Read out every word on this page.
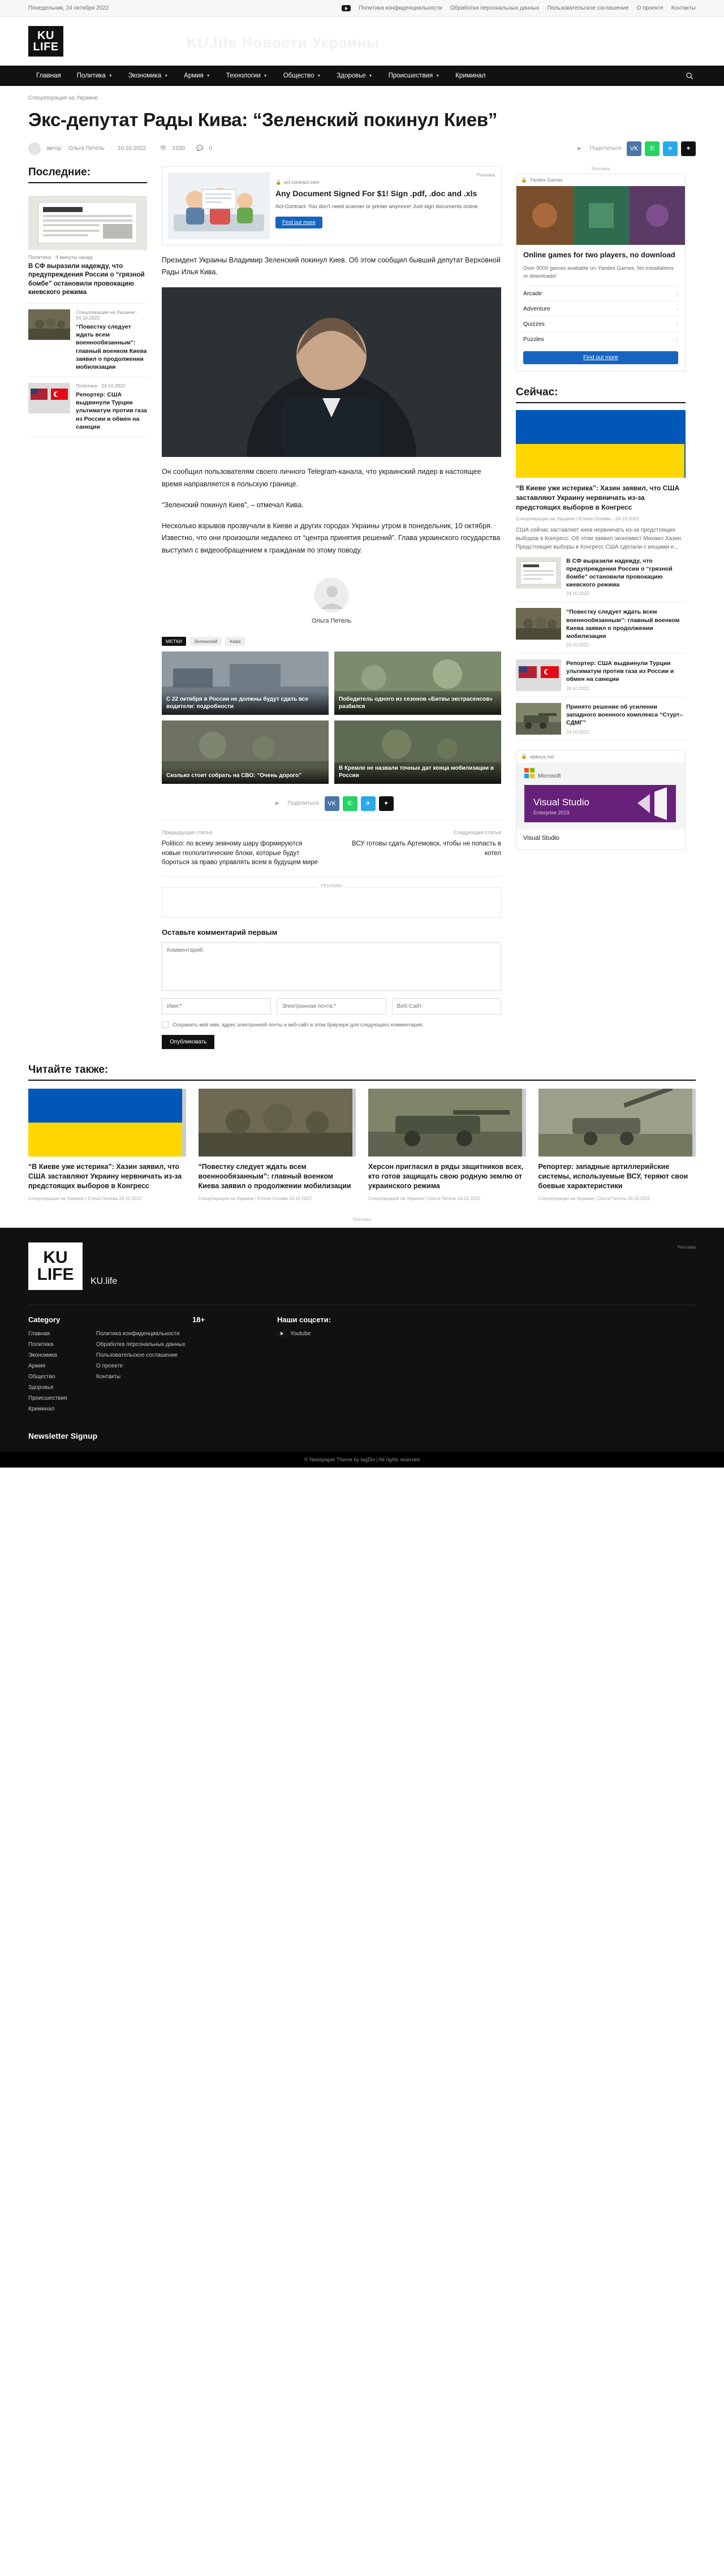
Понедельник, 24 октября 2022	Политика конфиденциальности Обработка персональных данных Пользовательское соглашение О проекте Контакты
KU
LIFE	KU.life Новости Украины
Главная Политика ▼ Экономика ▼ Армия ▼ Технологии ▼ Общество ▼ Здоровье ▼ Происшествия ▼ Криминал
Спецоперация на Украине
Экс-депутат Рады Кива: “Зеленский покинул Киев”
автор: Ольга Петель - 10.10.2022 👁 1030 💬 0	➤	Поделиться	VK	✆	✈	✦
Последние:
Политика · 4 минуты назад
В СФ выразили надежду, что предупреждения России о “грязной бомбе” остановили провокацию киевского режима
Спецоперация на Украине · 24.10.2022
“Повестку следует ждать всем военнообязанным”: главный военком Киева заявил о продолжении мобилизации
Политика · 24.10.2022
Репортер: США выдвинули Турции ультиматум против газа из России и обмен на санкции
Реклама
🔒 act-contract.com
Any Document Signed For $1! Sign .pdf, .doc and .xls
Act-Contract: You don’t need scanner or printer anymore! Just sign documents online.
Find out more

Президент Украины Владимир Зеленский покинул Киев. Об этом сообщил бывший депутат Верховной Рады Илья Кива.

Он сообщил пользователям своего личного Telegram-канала, что украинский лидер в настоящее время направляется в польскую границе.

“Зеленский покинул Киев”, – отмечал Кива.

Несколько взрывов прозвучали в Киеве и других городах Украины утром в понедельник, 10 октября. Известно, что они произошли недалеко от “центра принятия решений”. Глава украинского государства выступил с видеообращением к гражданам по этому поводу.

Ольга Петель
МЕТКИ	Зеленский	Кива
С 22 октября в России не должны будут сдать все водители: подробности
Победитель одного из сезонов «Битвы экстрасенсов» разбился
Сколько стоит собрать на СВО: “Очень дорого”
В Кремле не назвали точных дат конца мобилизации в России
➤	Поделиться	VK	✆	✈	✦
Предыдущая статья
Politico: по всему земному шару формируются новые геополитические блоки, которые будут бороться за право управлять всем в будущем мире
Следующая статья
ВСУ готовы сдать Артемовск, чтобы не попасть в котел
РЕКЛАМА
Оставьте комментарий первым
Комментарий:
Имя:*
Электронная почта:*
Веб-Сайт:
Сохранить моё имя, адрес электронной почты и веб-сайт в этом браузере для следующего комментария.
Опубликовать
Реклама
🔒 Yandex Games
Online games for two players, no download
Over 9000 games available on Yandex Games. No installations or downloads!
Arcade	›
Adventure	›
Quizzes	›
Puzzles	›
Find out more
Сейчас:
“В Киеве уже истерика”: Хазин заявил, что США заставляют Украину нервничать из-за предстоящих выборов в Конгресс
Спецоперация на Украине | Елена Осеева - 24.10.2022
США сейчас заставляет киев нервничать из-за предстоящих выборов в Конгресс. Об этом заявил экономист Михаил Хазин. Предстоящие выборы в Конгресс США сделали с вещами и...
В СФ выразили надежду, что предупреждения России о “грязной бомбе” остановили провокацию киевского режима
24.10.2022
“Повестку следует ждать всем военнообязанным”: главный военком Киева заявил о продолжении мобилизации
24.10.2022
Репортер: США выдвинули Турции ультиматум против газа из России и обмен на санкции
24.10.2022
Принято решение об усилении западного военного комплекса “Стурт–СДМГ”
24.10.2022
🔒 vipkeys.net
Microsoft
Visual Studio
Enterprise 2019
Visual Studio
Читайте также:
“В Киеве уже истерика”: Хазин заявил, что США заставляют Украину нервничать из-за предстоящих выборов в Конгресс
Спецоперация на Украине | Елена Осеева 24.10.2022
“Повестку следует ждать всем военнообязанным”: главный военком Киева заявил о продолжении мобилизации
Спецоперация на Украине | Елена Осеева 24.10.2022
Херсон пригласил в ряды защитников всех, кто готов защищать свою родную землю от украинского режима
Спецоперация на Украине | Ольга Петель 24.10.2022
Репортер: западные артиллерийские системы, используемые ВСУ, теряют свои боевые характеристики
Спецоперация на Украине | Ольга Петель 24.10.2022
Реклама
Реклама
KU
LIFE KU.life
Category
Главная
Политика
Экономика
Армия
Общество
Здоровье
Происшествия
Криминал

Политика конфиденциальности
Обработка персональных данных
Пользовательское соглашение
О проекте
Контакты
18+	Наши соцсети:
Youtube
Newsletter Signup
© Newspaper Theme by tagDiv | All rights reserved
